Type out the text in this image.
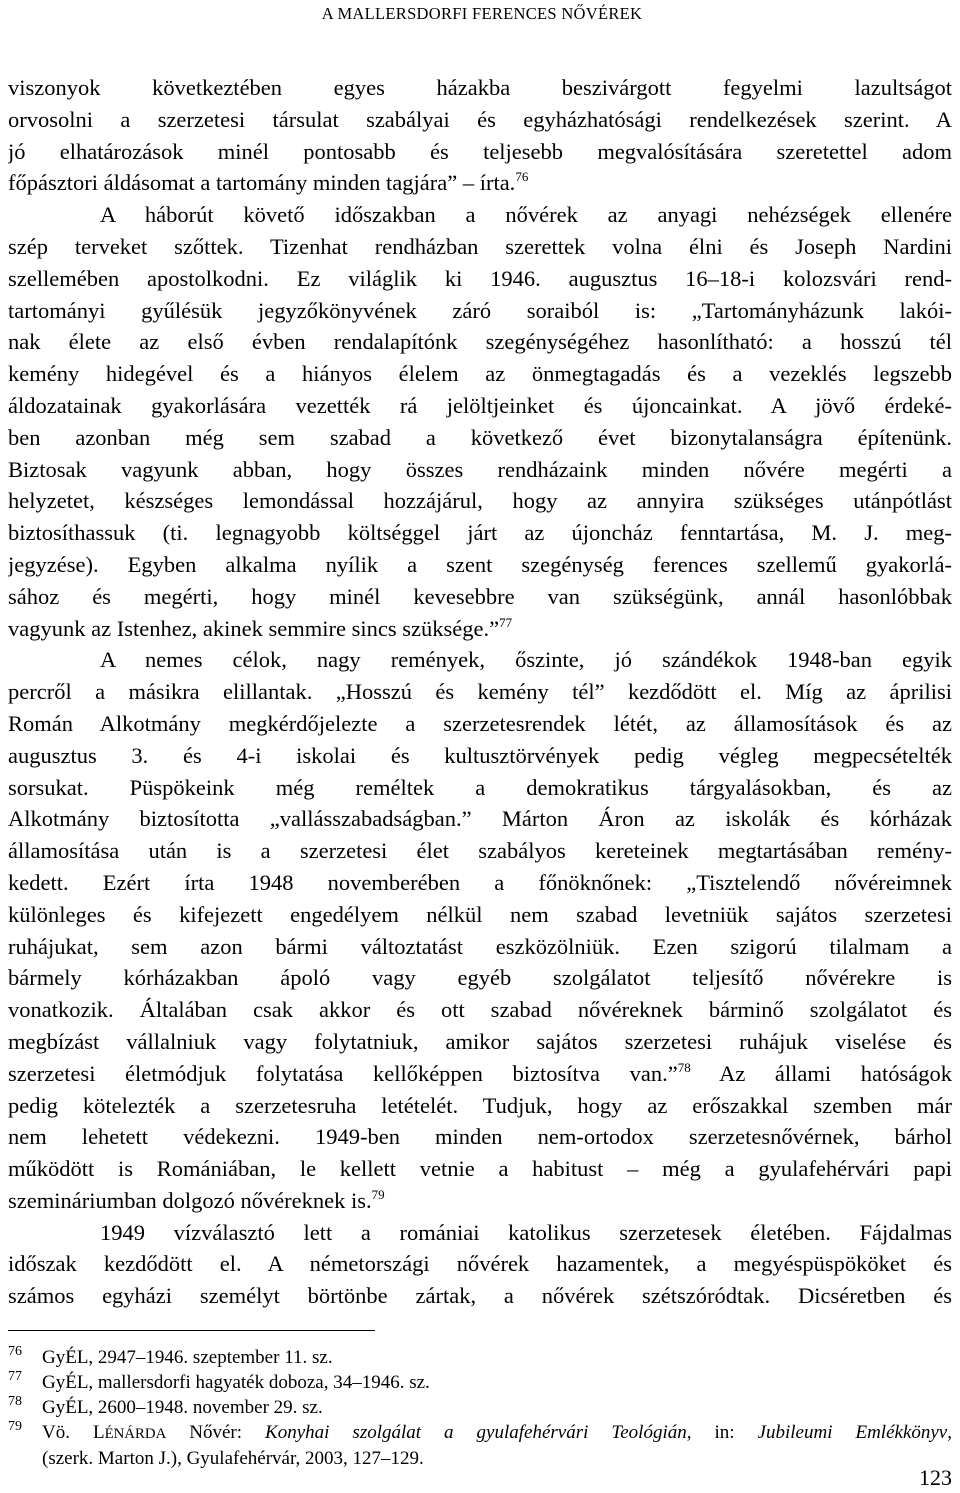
A MALLERSDORFI FERENCES NŐVÉREK
viszonyok következtében egyes házakba beszivárgott fegyelmi lazultságot
orvosolni a szerzetesi társulat szabályai és egyházhatósági rendelkezések szerint. A
jó elhatározások minél pontosabb és teljesebb megvalósítására szeretettel adom
főpásztori áldásomat a tartomány minden tagjára” – írta.$^{76}$
A háborút követő időszakban a nővérek az anyagi nehézségek ellenére
szép terveket szőttek. Tizenhat rendházban szerettek volna élni és Joseph Nardini
szellemében apostolkodni. Ez világlik ki 1946. augusztus 16–18-i kolozsvári rend-
tartományi gyűlésük jegyzőkönyvének záró soraiból is: „Tartományházunk lakói-
nak élete az első évben rendalapítónk szegénységéhez hasonlítható: a hosszú tél
kemény hidegével és a hiányos élelem az önmegtagadás és a vezeklés legszebb
áldozatainak gyakorlására vezették rá jelöltjeinket és újoncainkat. A jövő érdeké-
ben azonban még sem szabad a következő évet bizonytalanságra építenünk.
Biztosak vagyunk abban, hogy összes rendházaink minden nővére megérti a
helyzetet, készséges lemondással hozzájárul, hogy az annyira szükséges utánpótlást
biztosíthassuk (ti. legnagyobb költséggel járt az újoncház fenntartása, M. J. meg-
jegyzése). Egyben alkalma nyílik a szent szegénység ferences szellemű gyakorlá-
sához és megérti, hogy minél kevesebbre van szükségünk, annál hasonlóbbak
vagyunk az Istenhez, akinek semmire sincs szüksége.”$^{77}$
A nemes célok, nagy remények, őszinte, jó szándékok 1948-ban egyik
percről a másikra elillantak. „Hosszú és kemény tél” kezdődött el. Míg az áprilisi
Román Alkotmány megkérdőjelezte a szerzetesrendek létét, az államosítások és az
augusztus 3. és 4-i iskolai és kultusztörvények pedig végleg megpecsételték
sorsukat. Püspökeink még reméltek a demokratikus tárgyalásokban, és az
Alkotmány biztosította „vallásszabadságban.” Márton Áron az iskolák és kórházak
államosítása után is a szerzetesi élet szabályos kereteinek megtartásában remény-
kedett. Ezért írta 1948 novemberében a főnöknőnek: „Tisztelendő nővéreimnek
különleges és kifejezett engedélyem nélkül nem szabad levetniük sajátos szerzetesi
ruhájukat, sem azon bármi változtatást eszközölniük. Ezen szigorú tilalmam a
bármely kórházakban ápoló vagy egyéb szolgálatot teljesítő nővérekre is
vonatkozik. Általában csak akkor és ott szabad nővéreknek bárminő szolgálatot és
megbízást vállalniuk vagy folytatniuk, amikor sajátos szerzetesi ruhájuk viselése és
szerzetesi életmódjuk folytatása kellőképpen biztosítva van.”$^{78}$ Az állami hatóságok
pedig kötelezték a szerzetesruha letételét. Tudjuk, hogy az erőszakkal szemben már
nem lehetett védekezni. 1949-ben minden nem-ortodox szerzetesnővérnek, bárhol
működött is Romániában, le kellett vetnie a habitust – még a gyulafehérvári papi
szemináriumban dolgozó nővéreknek is.$^{79}$
1949 vízválasztó lett a romániai katolikus szerzetesek életében. Fájdalmas
időszak kezdődött el. A németországi nővérek hazamentek, a megyéspüspököket és
számos egyházi személyt börtönbe zártak, a nővérek szétszóródtak. Dicséretben és
76 GyÉL, 2947–1946. szeptember 11. sz.
77 GyÉL, mallersdorfi hagyaték doboza, 34–1946. sz.
78 GyÉL, 2600–1948. november 29. sz.
79 Vö. LÉNÁRDA Nővér: Konyhai szolgálat a gyulafehérvári Teológián, in: Jubileumi Emlékkönyv,
(szerk. Marton J.), Gyulafehérvár, 2003, 127–129.
123
